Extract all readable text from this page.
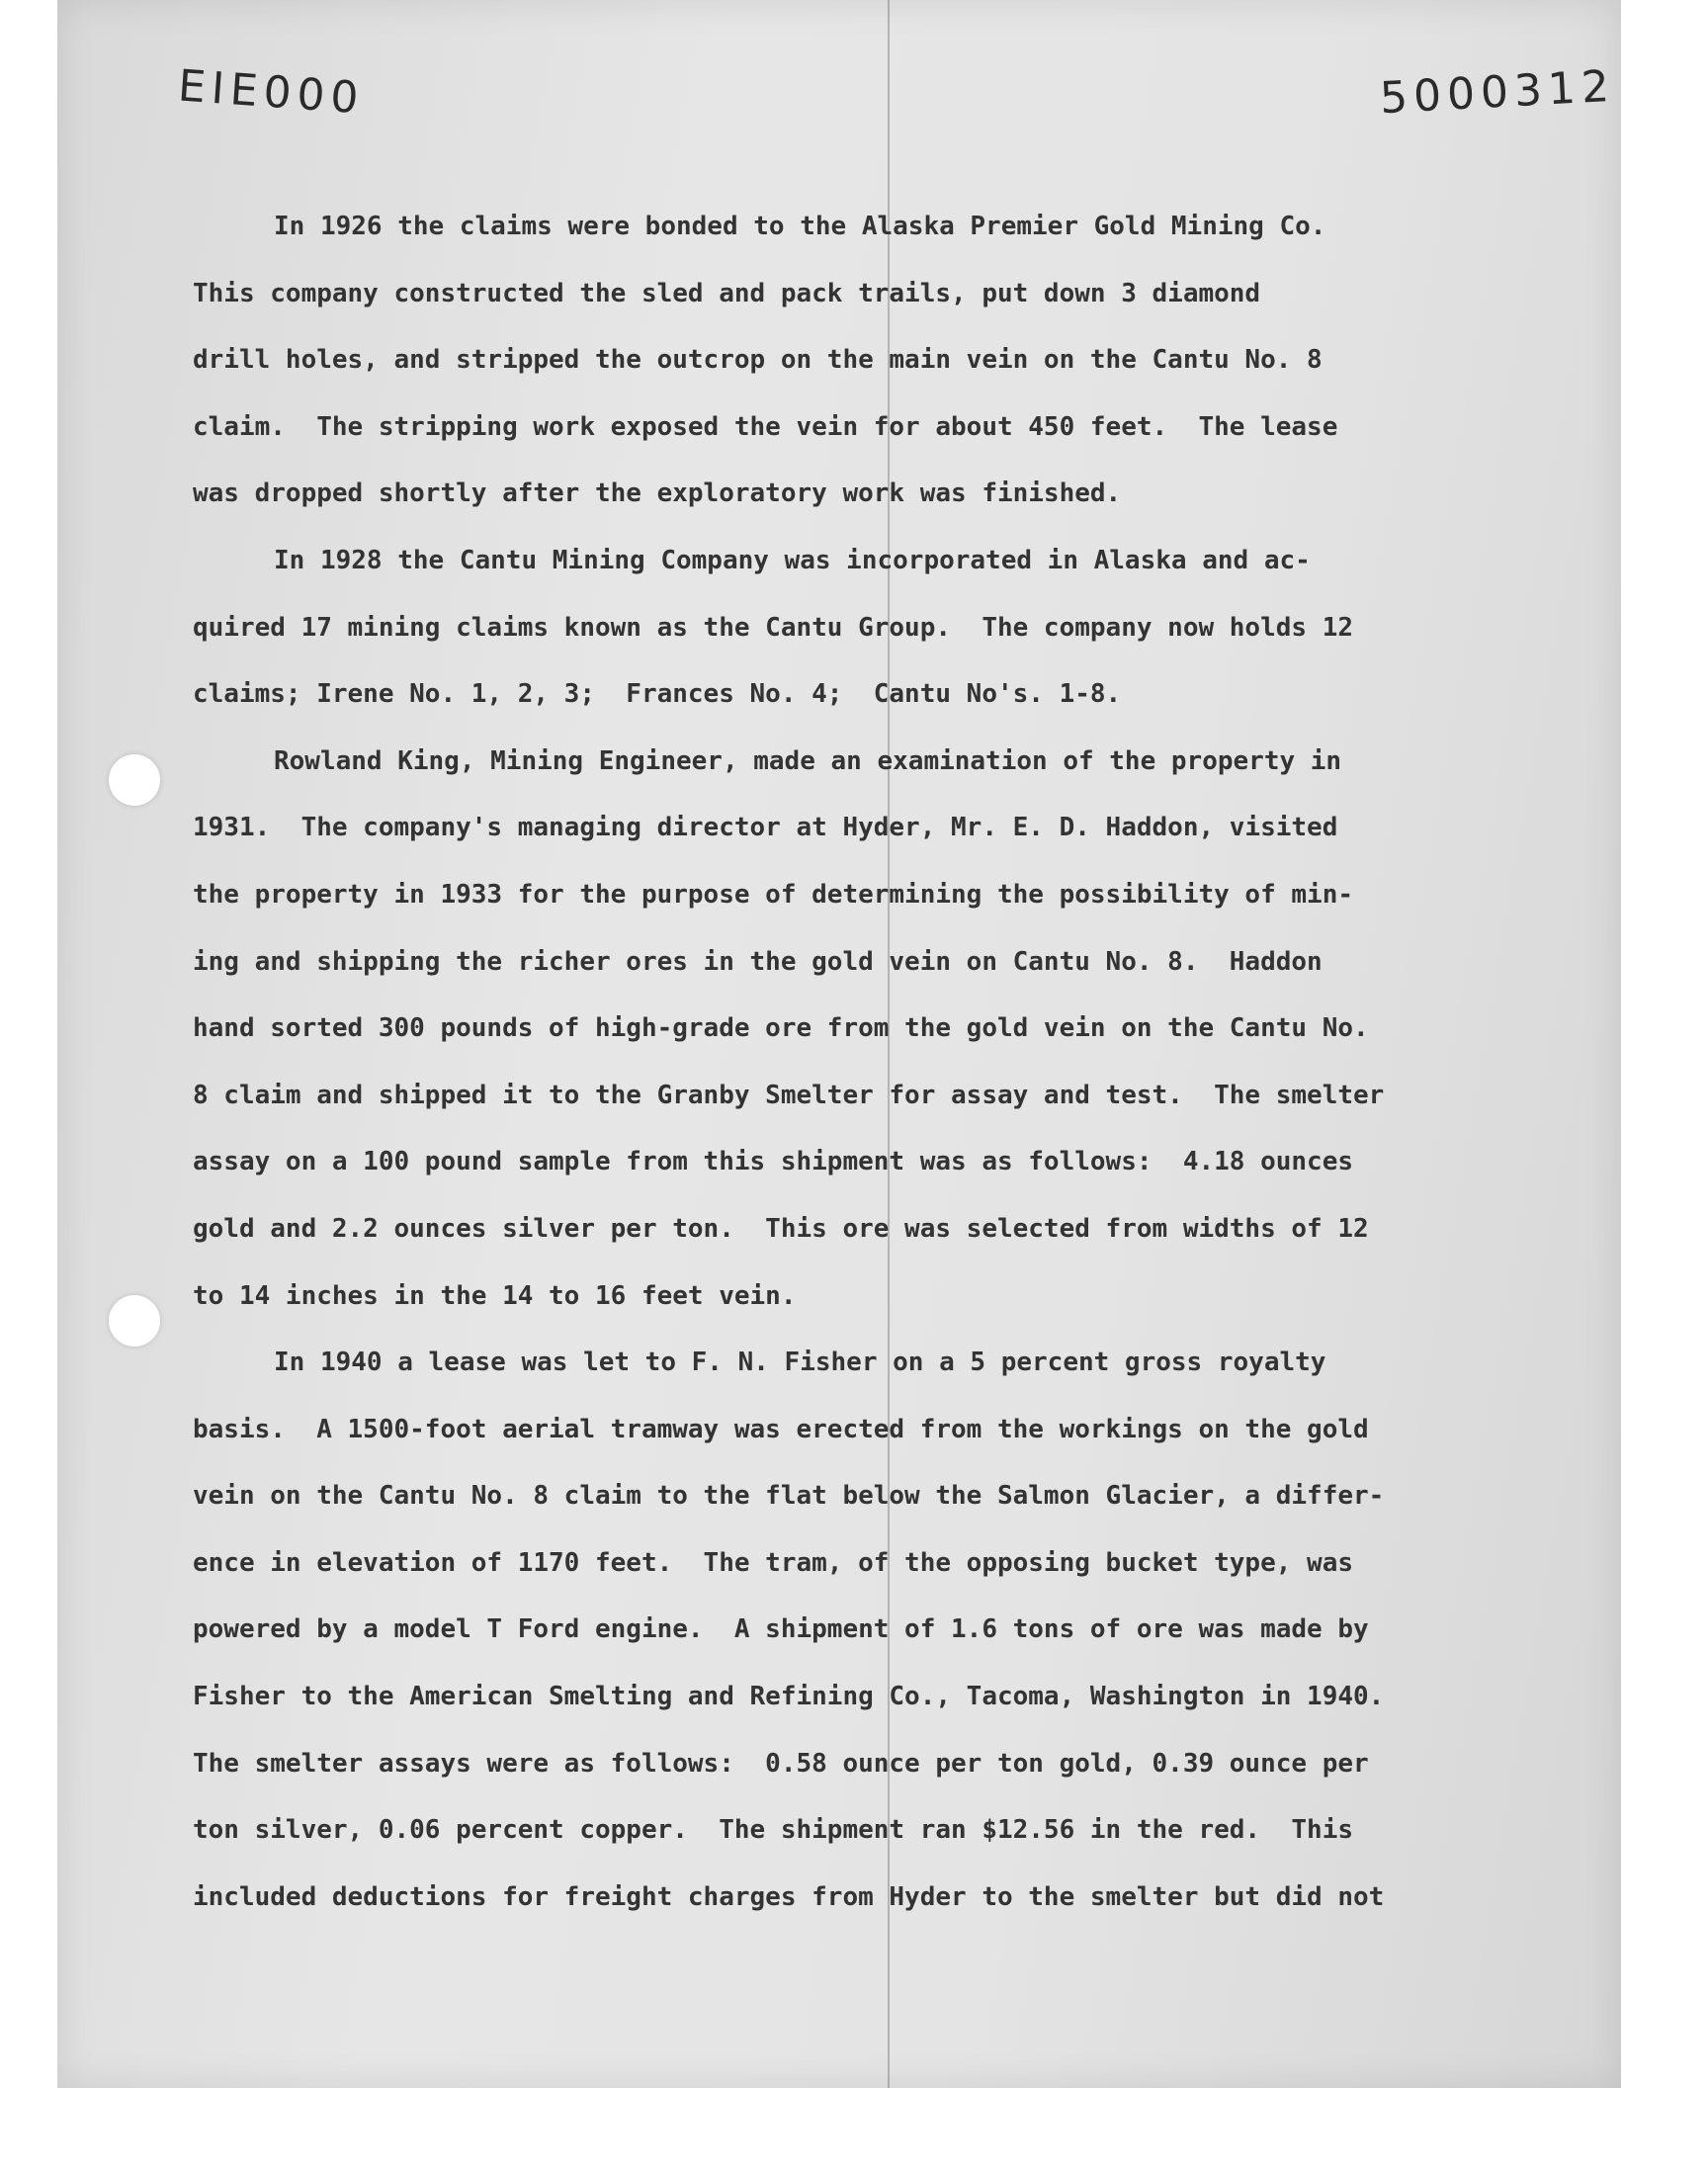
EIE000	5000312
In 1926 the claims were bonded to the Alaska Premier Gold Mining Co.
This company constructed the sled and pack trails, put down 3 diamond
drill holes, and stripped the outcrop on the main vein on the Cantu No. 8
claim.  The stripping work exposed the vein for about 450 feet.  The lease
was dropped shortly after the exploratory work was finished.
In 1928 the Cantu Mining Company was incorporated in Alaska and ac-
quired 17 mining claims known as the Cantu Group.  The company now holds 12
claims; Irene No. 1, 2, 3;  Frances No. 4;  Cantu No's. 1-8.
Rowland King, Mining Engineer, made an examination of the property in
1931.  The company's managing director at Hyder, Mr. E. D. Haddon, visited
the property in 1933 for the purpose of determining the possibility of min-
ing and shipping the richer ores in the gold vein on Cantu No. 8.  Haddon
hand sorted 300 pounds of high-grade ore from the gold vein on the Cantu No.
8 claim and shipped it to the Granby Smelter for assay and test.  The smelter
assay on a 100 pound sample from this shipment was as follows:  4.18 ounces
gold and 2.2 ounces silver per ton.  This ore was selected from widths of 12
to 14 inches in the 14 to 16 feet vein.
In 1940 a lease was let to F. N. Fisher on a 5 percent gross royalty
basis.  A 1500-foot aerial tramway was erected from the workings on the gold
vein on the Cantu No. 8 claim to the flat below the Salmon Glacier, a differ-
ence in elevation of 1170 feet.  The tram, of the opposing bucket type, was
powered by a model T Ford engine.  A shipment of 1.6 tons of ore was made by
Fisher to the American Smelting and Refining Co., Tacoma, Washington in 1940.
The smelter assays were as follows:  0.58 ounce per ton gold, 0.39 ounce per
ton silver, 0.06 percent copper.  The shipment ran $12.56 in the red.  This
included deductions for freight charges from Hyder to the smelter but did not
